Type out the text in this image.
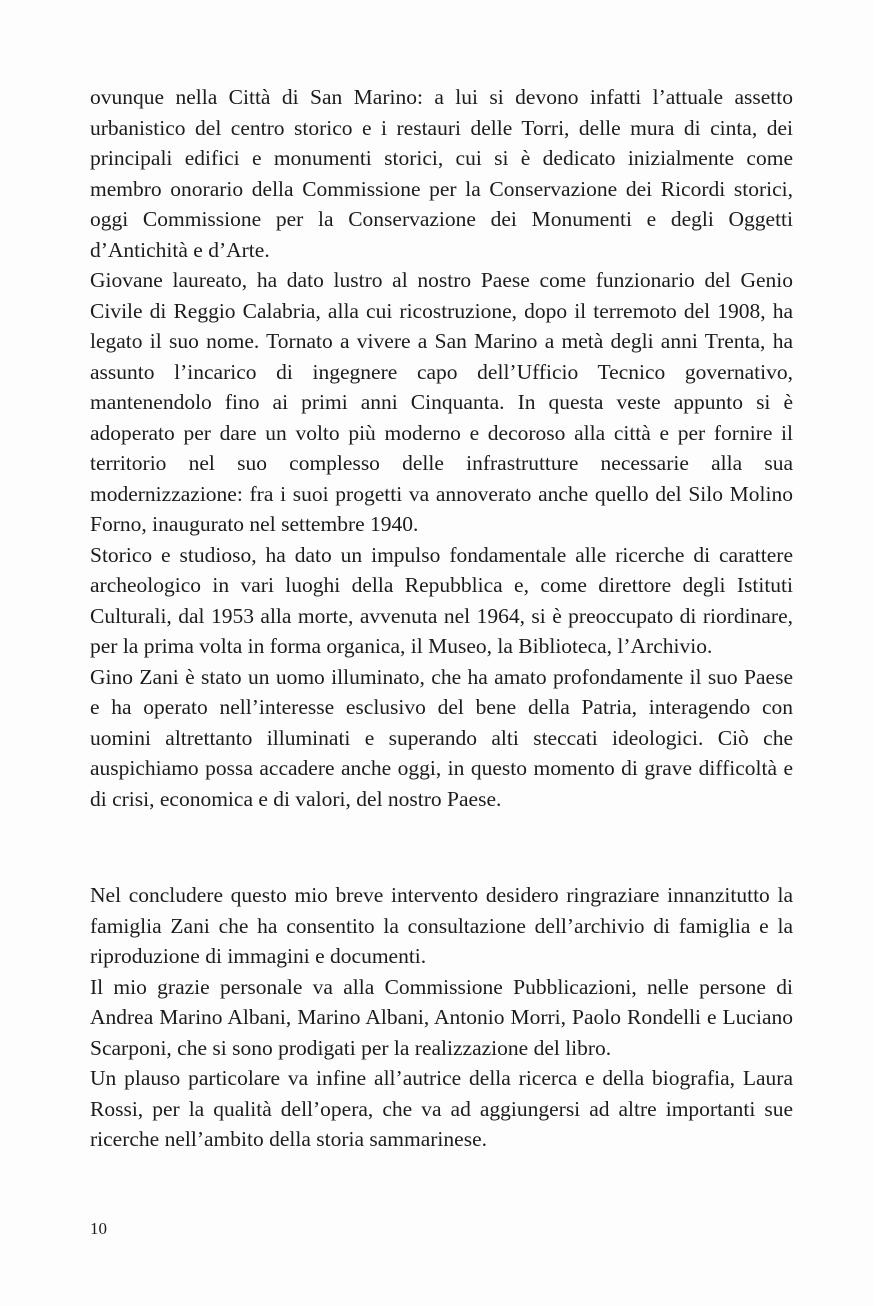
ovunque nella Città di San Marino: a lui si devono infatti l’attuale assetto urbanistico del centro storico e i restauri delle Torri, delle mura di cinta, dei principali edifici e monumenti storici, cui si è dedicato inizialmente come membro onorario della Commissione per la Conservazione dei Ricordi storici, oggi Commissione per la Conservazione dei Monumenti e degli Oggetti d’Antichità e d’Arte.

Giovane laureato, ha dato lustro al nostro Paese come funzionario del Genio Civile di Reggio Calabria, alla cui ricostruzione, dopo il terremoto del 1908, ha legato il suo nome. Tornato a vivere a San Marino a metà degli anni Trenta, ha assunto l’incarico di ingegnere capo dell’Ufficio Tecnico governativo, mantenendolo fino ai primi anni Cinquanta. In questa veste appunto si è adoperato per dare un volto più moderno e decoroso alla città e per fornire il territorio nel suo complesso delle infrastrutture necessarie alla sua modernizzazione: fra i suoi progetti va annoverato anche quello del Silo Molino Forno, inaugurato nel settembre 1940.

Storico e studioso, ha dato un impulso fondamentale alle ricerche di carattere archeologico in vari luoghi della Repubblica e, come direttore degli Istituti Culturali, dal 1953 alla morte, avvenuta nel 1964, si è preoccupato di riordinare, per la prima volta in forma organica, il Museo, la Biblioteca, l’Archivio.

Gino Zani è stato un uomo illuminato, che ha amato profondamente il suo Paese e ha operato nell’interesse esclusivo del bene della Patria, interagendo con uomini altrettanto illuminati e superando alti steccati ideologici. Ciò che auspichiamo possa accadere anche oggi, in questo momento di grave difficoltà e di crisi, economica e di valori, del nostro Paese.

Nel concludere questo mio breve intervento desidero ringraziare innanzitutto la famiglia Zani che ha consentito la consultazione dell’archivio di famiglia e la riproduzione di immagini e documenti.

Il mio grazie personale va alla Commissione Pubblicazioni, nelle persone di Andrea Marino Albani, Marino Albani, Antonio Morri, Paolo Rondelli e Luciano Scarponi, che si sono prodigati per la realizzazione del libro.

Un plauso particolare va infine all’autrice della ricerca e della biografia, Laura Rossi, per la qualità dell’opera, che va ad aggiungersi ad altre importanti sue ricerche nell’ambito della storia sammarinese.

10
